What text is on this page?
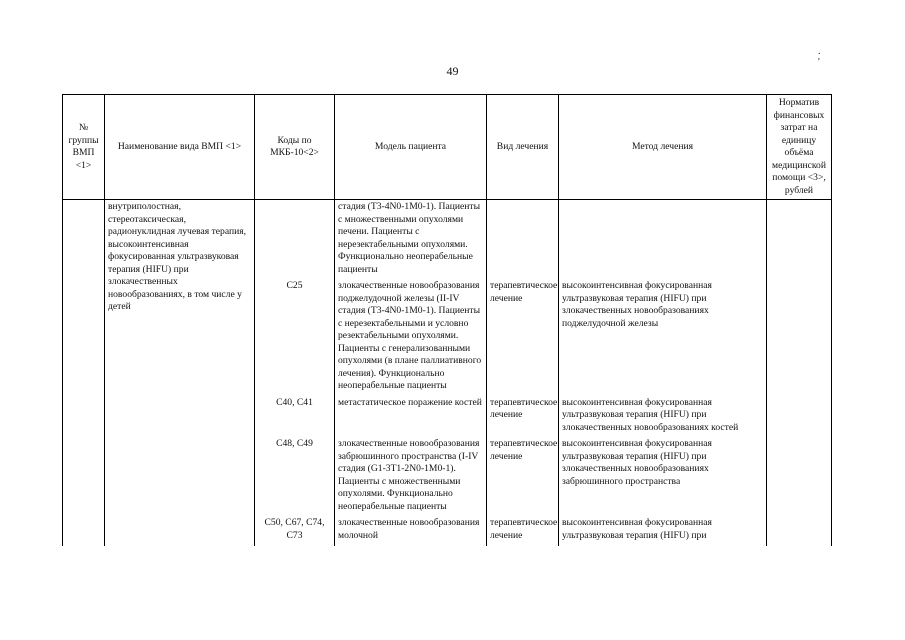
. '
49
№ группы ВМП <1>	Наименование вида ВМП <1>	Коды по МКБ-10<2>	Модель пациента	Вид лечения	Метод лечения	Норматив финансовых затрат на единицу объёма медицинской помощи <3>, рублей
	внутриполостная, стереотаксическая, радионуклидная лучевая терапия, высокоинтенсивная фокусированная ультразвуковая терапия (HIFU) при злокачественных новообразованиях, в том числе у детей		стадия (T3-4N0-1M0-1). Пациенты с множественными опухолями печени. Пациенты с нерезектабельными опухолями. Функционально неоперабельные пациенты			
		C25	злокачественные новообразования поджелудочной железы (II-IV стадия (T3-4N0-1M0-1). Пациенты с нерезектабельными и условно резектабельными опухолями. Пациенты с генерализованными опухолями (в плане паллиативного лечения). Функционально неоперабельные пациенты	терапевтическое лечение	высокоинтенсивная фокусированная ультразвуковая терапия (HIFU) при злокачественных новообразованиях поджелудочной железы	
		C40, C41	метастатическое поражение костей	терапевтическое лечение	высокоинтенсивная фокусированная ультразвуковая терапия (HIFU) при злокачественных новообразованиях костей	
		C48, C49	злокачественные новообразования забрюшинного пространства (I-IV стадия (G1-3T1-2N0-1M0-1). Пациенты с множественными опухолями. Функционально неоперабельные пациенты	терапевтическое лечение	высокоинтенсивная фокусированная ультразвуковая терапия (HIFU) при злокачественных новообразованиях забрюшинного пространства	
		C50, C67, C74, C73	злокачественные новообразования молочной	терапевтическое лечение	высокоинтенсивная фокусированная ультразвуковая терапия (HIFU) при	
